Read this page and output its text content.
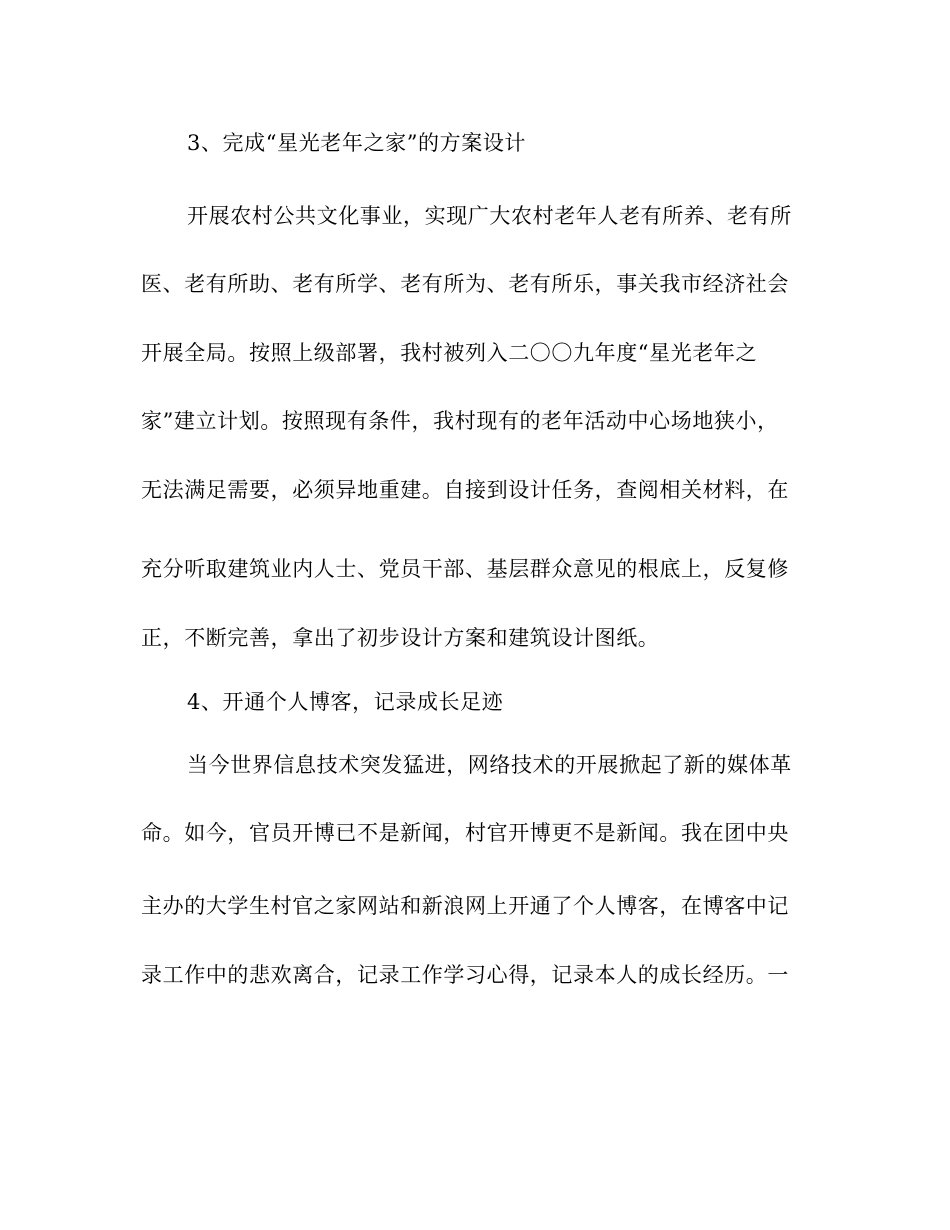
3、完成“星光老年之家”的方案设计
开展农村公共文化事业，实现广大农村老年人老有所养、老有所
医、老有所助、老有所学、老有所为、老有所乐，事关我市经济社会
开展全局。按照上级部署，我村被列入二〇〇九年度“星光老年之
家”建立计划。按照现有条件，我村现有的老年活动中心场地狭小，
无法满足需要，必须异地重建。自接到设计任务，查阅相关材料，在
充分听取建筑业内人士、党员干部、基层群众意见的根底上，反复修
正，不断完善，拿出了初步设计方案和建筑设计图纸。
4、开通个人博客，记录成长足迹
当今世界信息技术突发猛进，网络技术的开展掀起了新的媒体革
命。如今，官员开博已不是新闻，村官开博更不是新闻。我在团中央
主办的大学生村官之家网站和新浪网上开通了个人博客，在博客中记
录工作中的悲欢离合，记录工作学习心得，记录本人的成长经历。一
